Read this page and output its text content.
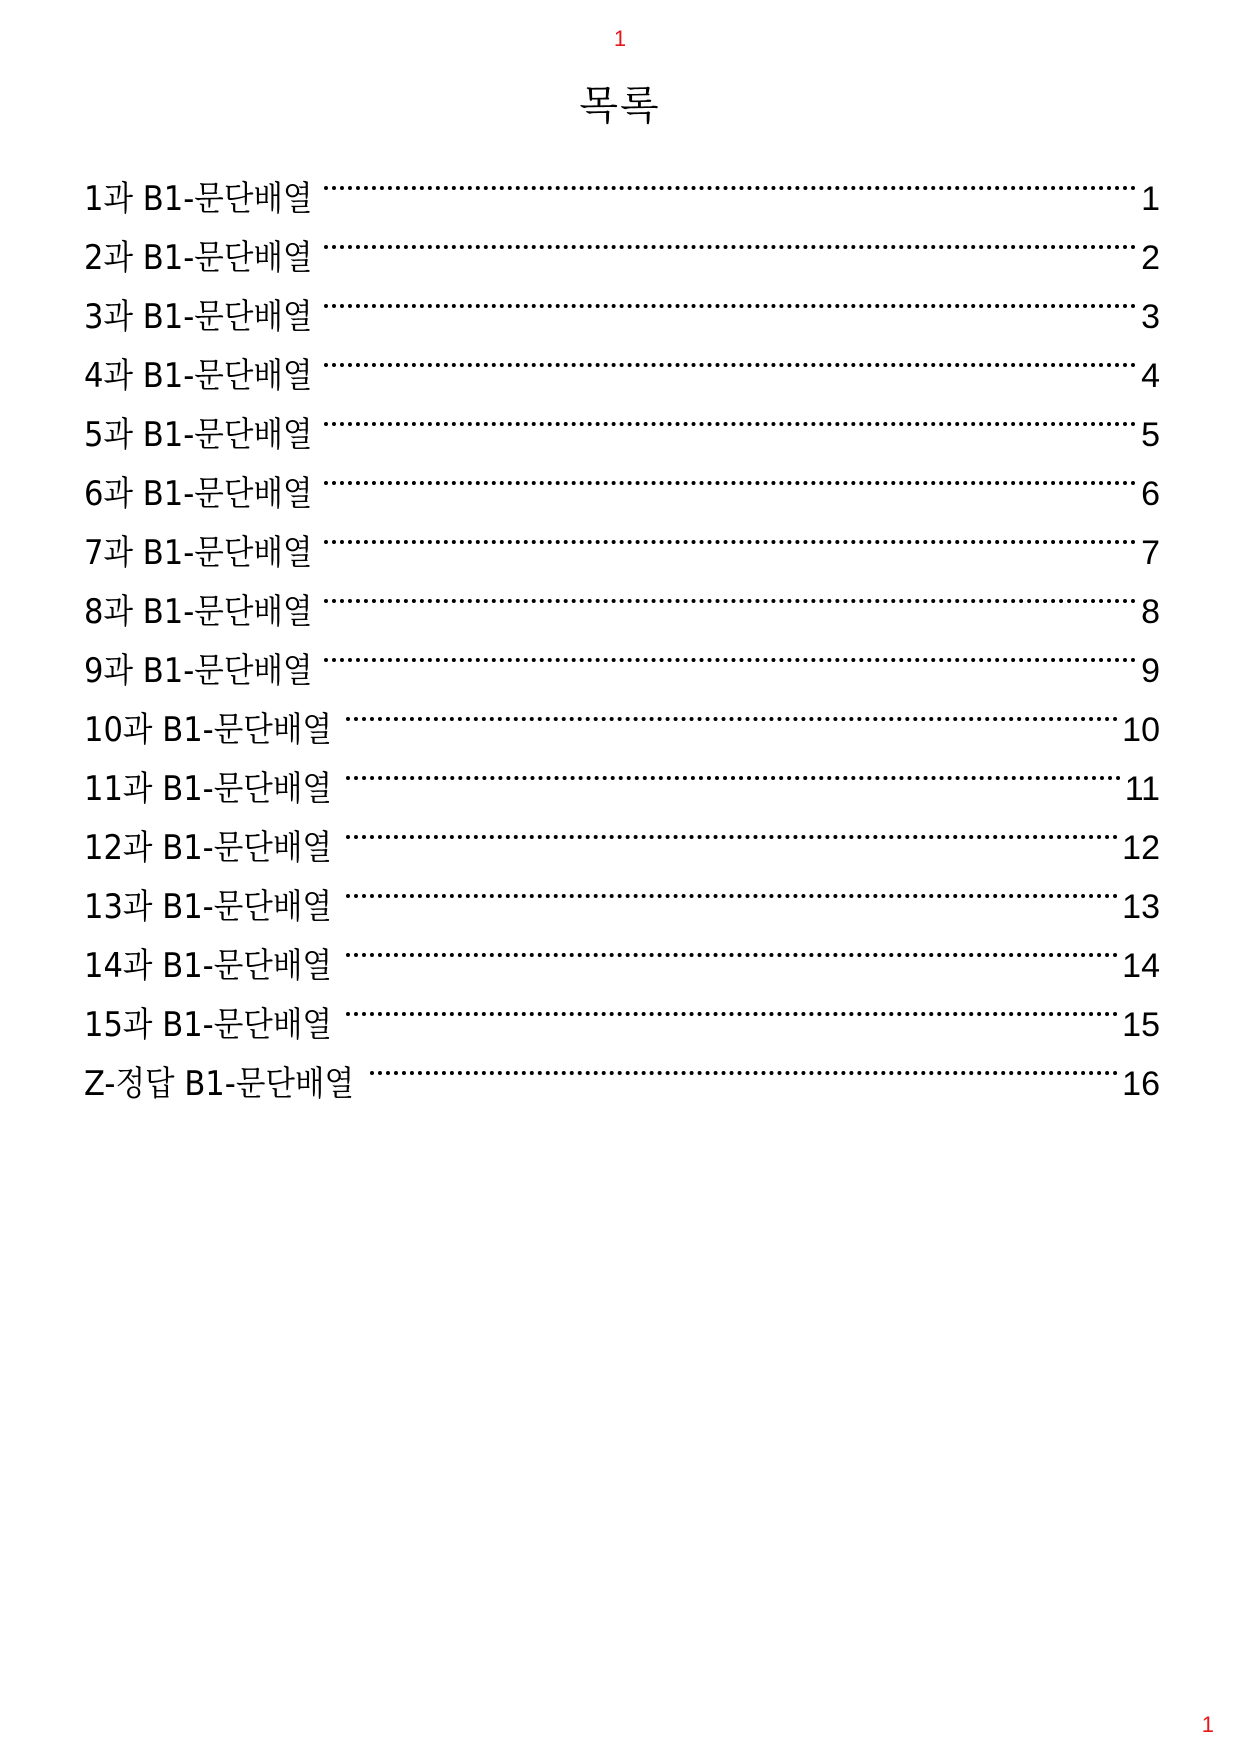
1
목록
1과 B1-문단배열	1
2과 B1-문단배열	2
3과 B1-문단배열	3
4과 B1-문단배열	4
5과 B1-문단배열	5
6과 B1-문단배열	6
7과 B1-문단배열	7
8과 B1-문단배열	8
9과 B1-문단배열	9
10과 B1-문단배열	10
11과 B1-문단배열	11
12과 B1-문단배열	12
13과 B1-문단배열	13
14과 B1-문단배열	14
15과 B1-문단배열	15
Z-정답 B1-문단배열	16
1
